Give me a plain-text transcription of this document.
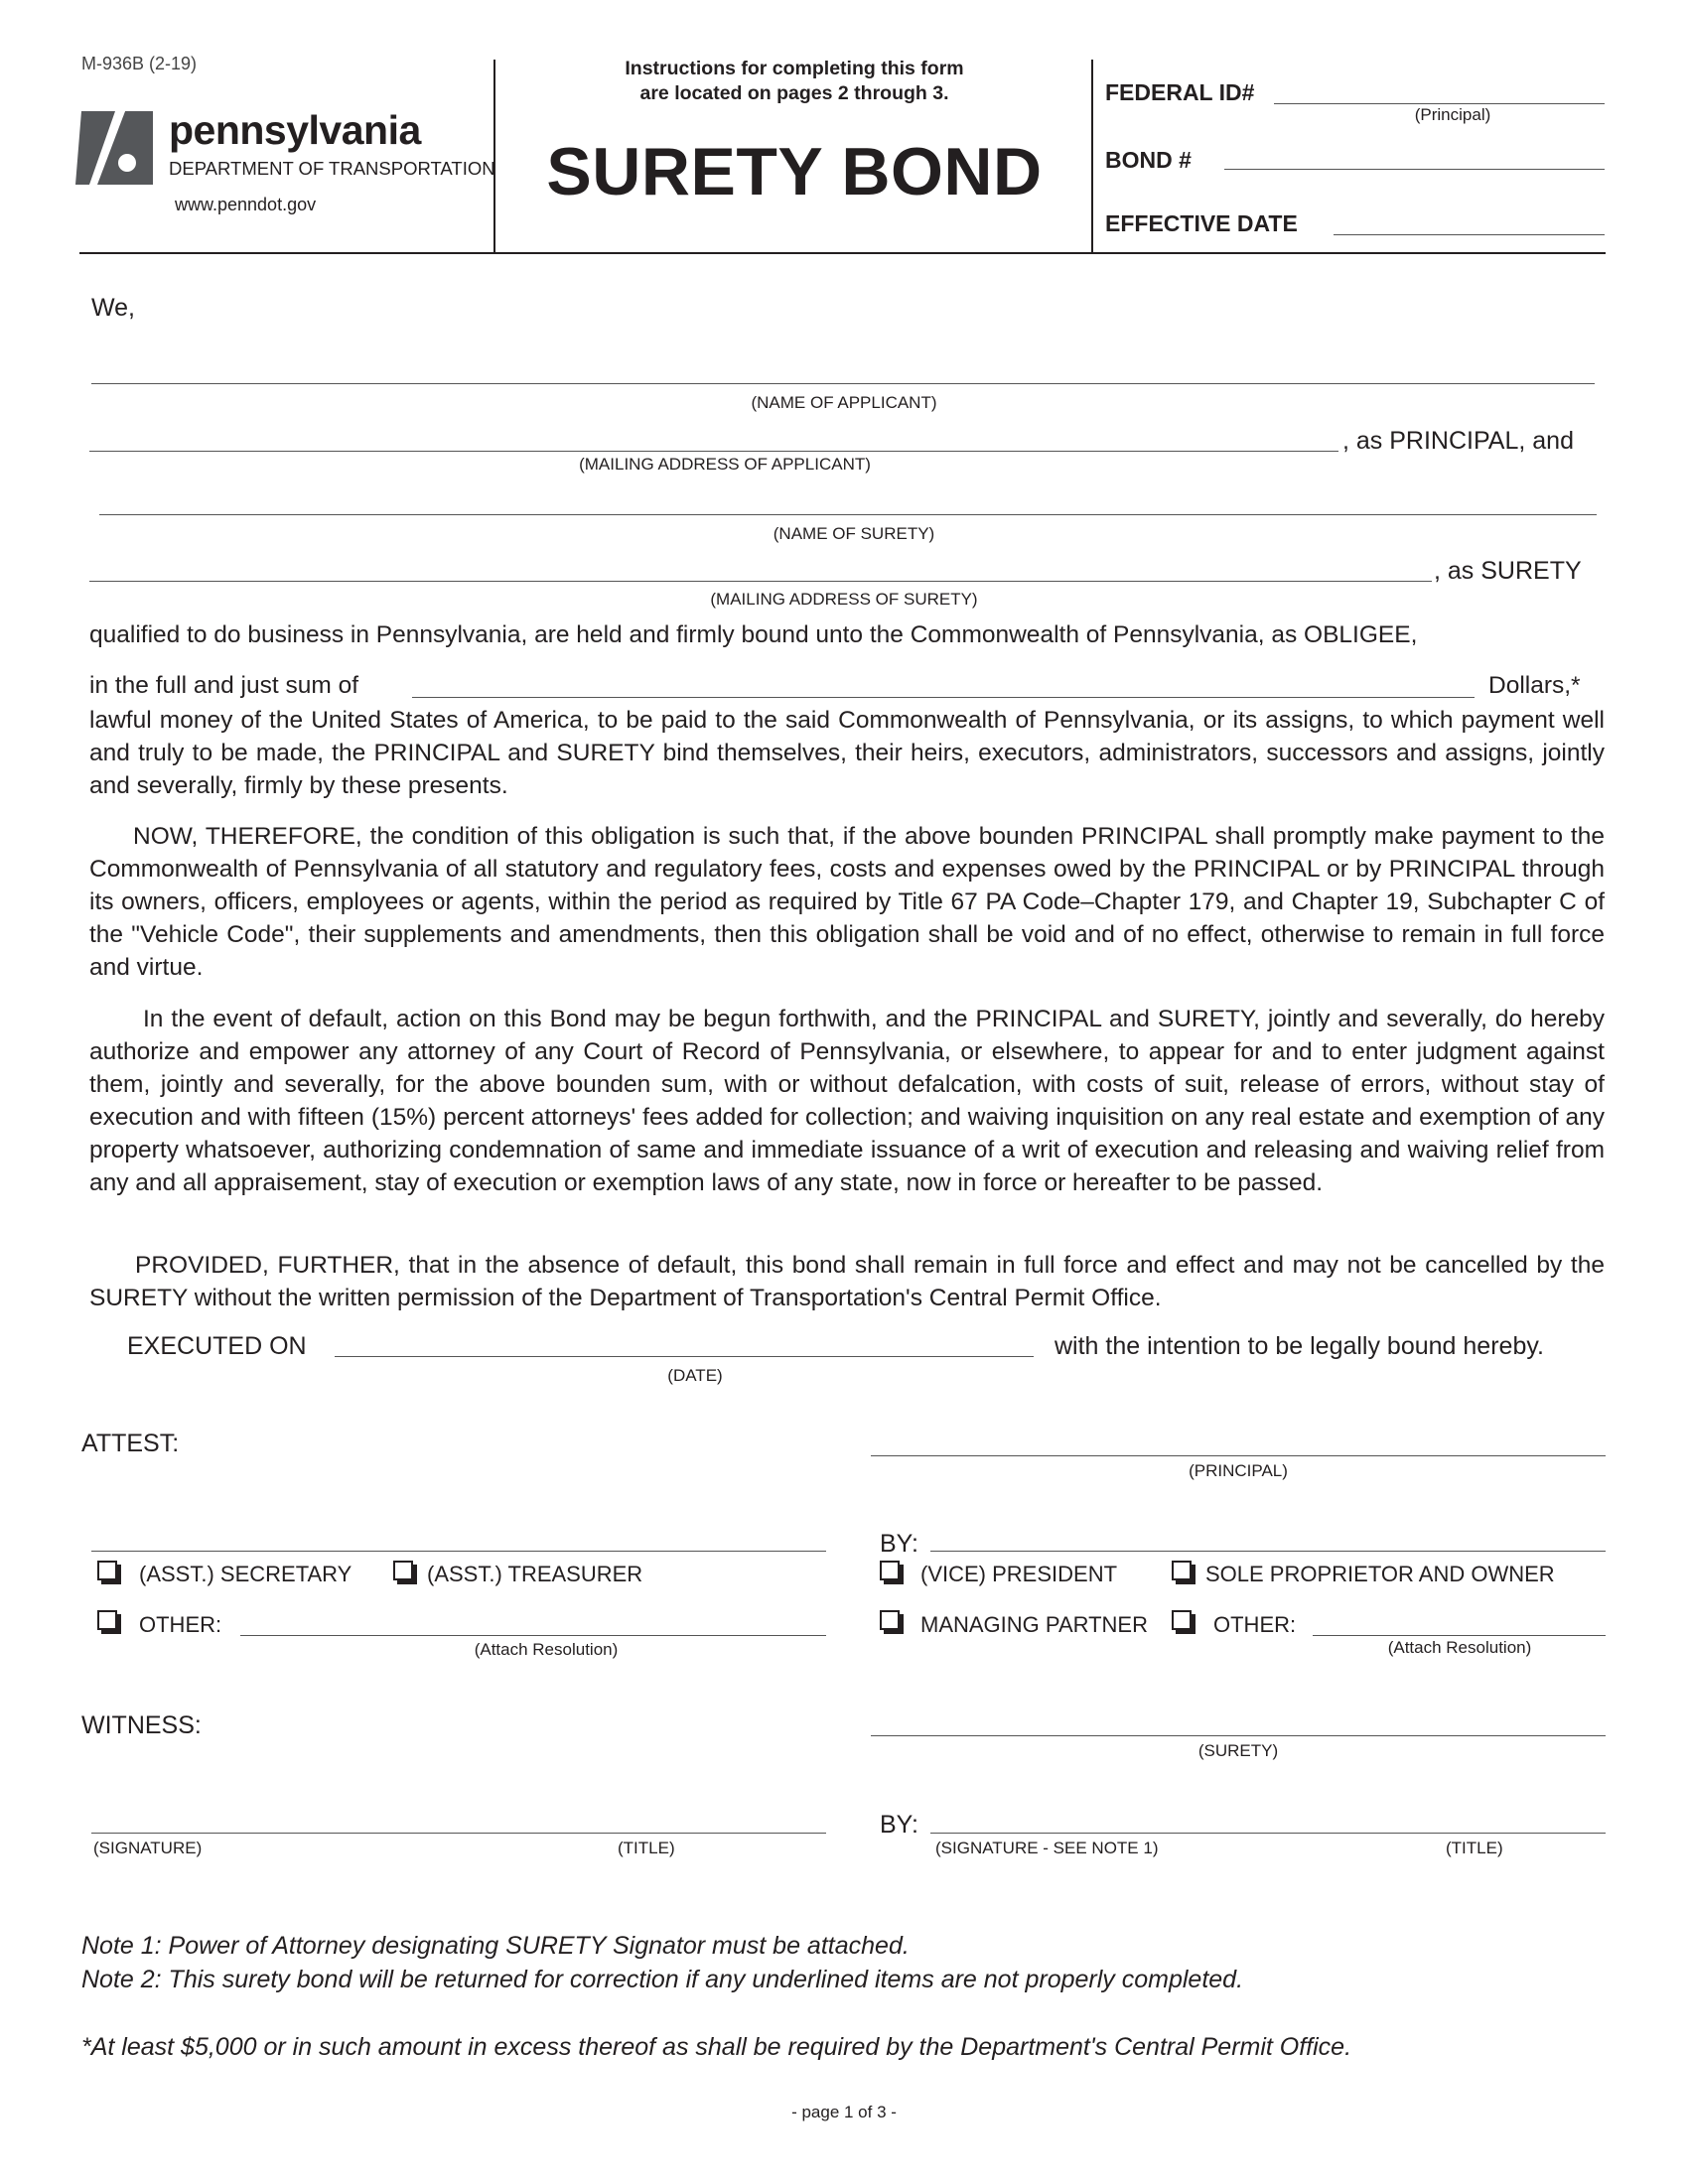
M-936B (2-19)
pennsylvania
DEPARTMENT OF TRANSPORTATION
www.penndot.gov
Instructions for completing this form
are located on pages 2 through 3.
SURETY BOND
FEDERAL ID#
(Principal)
BOND #
EFFECTIVE DATE
We,
(NAME OF APPLICANT)
, as PRINCIPAL, and
(MAILING ADDRESS OF APPLICANT)
(NAME OF SURETY)
, as SURETY
(MAILING ADDRESS OF SURETY)

qualified to do business in Pennsylvania, are held and firmly bound unto the Commonwealth of Pennsylvania, as OBLIGEE,

in the full and just sum of	Dollars,*

lawful money of the United States of America, to be paid to the said Commonwealth of Pennsylvania, or its assigns, to which payment well and truly to be made, the PRINCIPAL and SURETY bind themselves, their heirs, executors, administrators, successors and assigns, jointly and severally, firmly by these presents.

NOW, THEREFORE, the condition of this obligation is such that, if the above bounden PRINCIPAL shall promptly make payment to the Commonwealth of Pennsylvania of all statutory and regulatory fees, costs and expenses owed by the PRINCIPAL or by PRINCIPAL through its owners, officers, employees or agents, within the period as required by Title 67 PA Code–Chapter 179, and Chapter 19, Subchapter C of the "Vehicle Code", their supplements and amendments, then this obligation shall be void and of no effect, otherwise to remain in full force and virtue.

In the event of default, action on this Bond may be begun forthwith, and the PRINCIPAL and SURETY, jointly and severally, do hereby authorize and empower any attorney of any Court of Record of Pennsylvania, or elsewhere, to appear for and to enter judgment against them, jointly and severally, for the above bounden sum, with or without defalcation, with costs of suit, release of errors, without stay of execution and with fifteen (15%) percent attorneys' fees added for collection; and waiving inquisition on any real estate and exemption of any property whatsoever, authorizing condemnation of same and immediate issuance of a writ of execution and releasing and waiving relief from any and all appraisement, stay of execution or exemption laws of any state, now in force or hereafter to be passed.

PROVIDED, FURTHER, that in the absence of default, this bond shall remain in full force and effect and may not be cancelled by the SURETY without the written permission of the Department of Transportation's Central Permit Office.

EXECUTED ON	with the intention to be legally bound hereby.
(DATE)
ATTEST:
(PRINCIPAL)
(ASST.) SECRETARY	(ASST.) TREASURER
OTHER:
(Attach Resolution)
BY:
(VICE) PRESIDENT	SOLE PROPRIETOR AND OWNER
MANAGING PARTNER	OTHER:
(Attach Resolution)
WITNESS:
(SURETY)
(SIGNATURE)	(TITLE)
BY:
(SIGNATURE - SEE NOTE 1)	(TITLE)
Note 1: Power of Attorney designating SURETY Signator must be attached.
Note 2: This surety bond will be returned for correction if any underlined items are not properly completed.
*At least $5,000 or in such amount in excess thereof as shall be required by the Department's Central Permit Office.
- page 1 of 3 -
